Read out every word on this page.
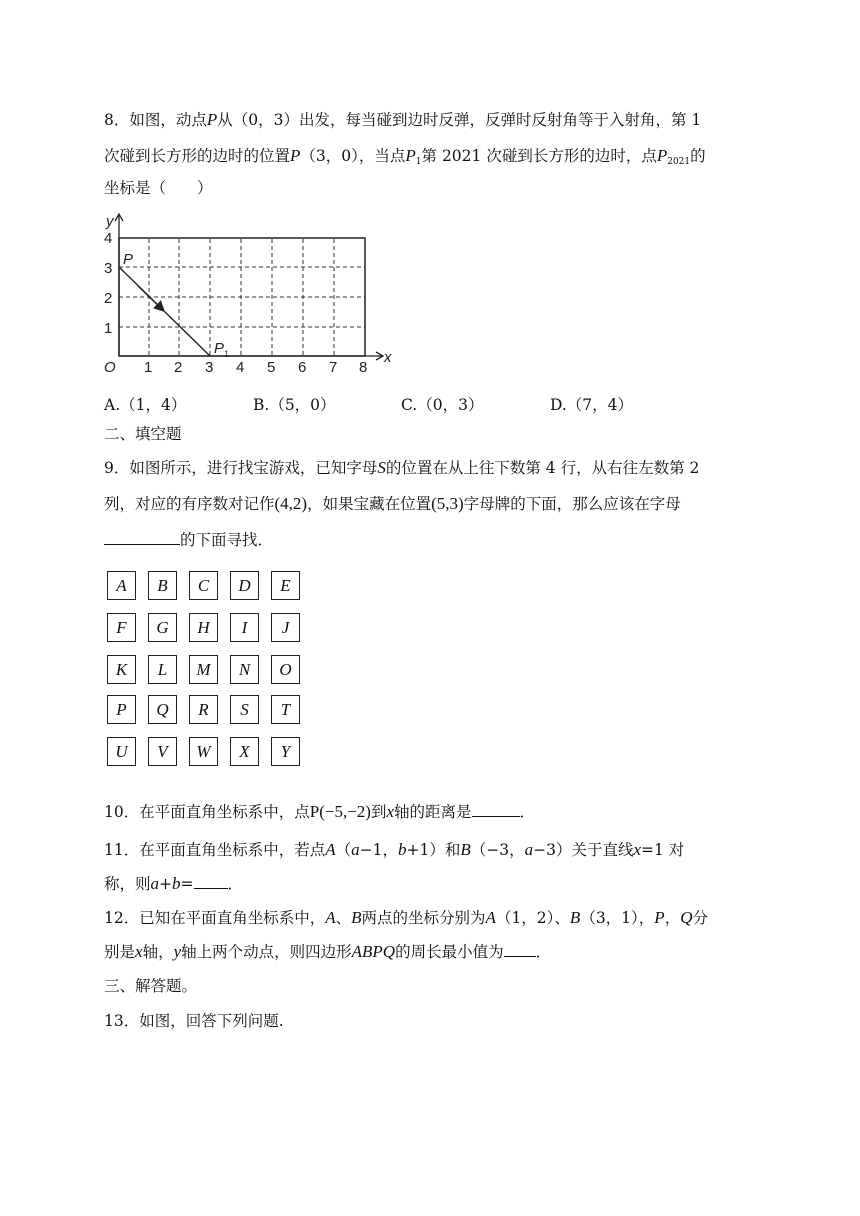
8．如图，动点P从（0，3）出发，每当碰到边时反弹，反弹时反射角等于入射角，第 1
次碰到长方形的边时的位置P（3，0），当点$P_1$第 2021 次碰到长方形的边时，点$P_{2021}$的
坐标是（　　）
y
x
O
4
3
2
1
1 2 3 4 5 6 7 8
P
P 1
A.（1，4）	B.（5，0）	C.（0，3）	D.（7，4）
二、填空题
9．如图所示，进行找宝游戏，已知字母S的位置在从上往下数第 4 行，从右往左数第 2
列，对应的有序数对记作(4,2)，如果宝藏在位置(5,3)字母牌的下面，那么应该在字母
的下面寻找．
A	B	C	D	E
F	G	H	I	J
K	L	M	N	O
P	Q	R	S	T
U	V	W	X	Y
10．在平面直角坐标系中，点P(−5,−2)到x轴的距离是	．
11．在平面直角坐标系中，若点A（a−1，b+1）和B（−3，a−3）关于直线x=1 对
称，则a+b= ．
12．已知在平面直角坐标系中，A、B两点的坐标分别为A（1，2）、B（3，1），P，Q分
别是x轴，y轴上两个动点，则四边形ABPQ的周长最小值为 ．
三、解答题。
13．如图，回答下列问题.
